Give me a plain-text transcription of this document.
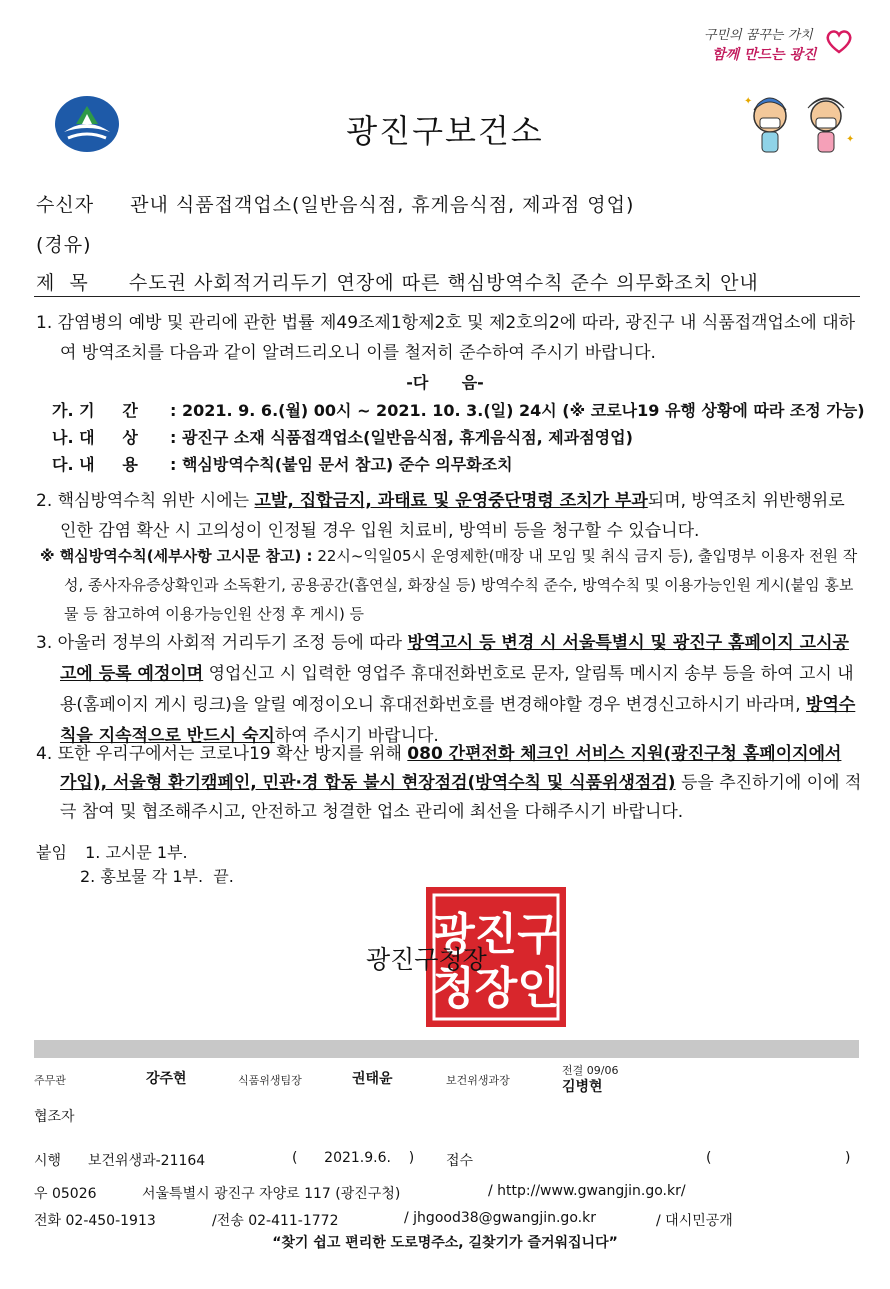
구민의 꿈꾸는 가치
함께 만드는 광진
✦
✦
광진구보건소
수신자 관내 식품접객업소(일반음식점, 휴게음식점, 제과점 영업)
(경유)
제  목 수도권 사회적거리두기 연장에 따른 핵심방역수칙 준수 의무화조치 안내
1. 감염병의 예방 및 관리에 관한 법률 제49조제1항제2호 및 제2호의2에 따라, 광진구 내 식품접객업소에 대하여 방역조치를 다음과 같이 알려드리오니 이를 철저히 준수하여 주시기 바랍니다.
-다      음-
가. 기     간 : 2021. 9. 6.(월) 00시 ~ 2021. 10. 3.(일) 24시 (※ 코로나19 유행 상황에 따라 조정 가능)
나. 대     상 : 광진구 소재 식품접객업소(일반음식점, 휴게음식점, 제과점영업)
다. 내     용 : 핵심방역수칙(붙임 문서 참고) 준수 의무화조치
2. 핵심방역수칙 위반 시에는 고발, 집합금지, 과태료 및 운영중단명령 조치가 부과되며, 방역조치 위반행위로 인한 감염 확산 시 고의성이 인정될 경우 입원 치료비, 방역비 등을 청구할 수 있습니다.
※ 핵심방역수칙(세부사항 고시문 참고) : 22시~익일05시 운영제한(매장 내 모임 및 취식 금지 등), 출입명부 이용자 전원 작성, 종사자유증상확인과 소독환기, 공용공간(흡연실, 화장실 등) 방역수칙 준수, 방역수칙 및 이용가능인원 게시(붙임 홍보물 등 참고하여 이용가능인원 산정 후 게시) 등
3. 아울러 정부의 사회적 거리두기 조정 등에 따라 방역고시 등 변경 시 서울특별시 및 광진구 홈페이지 고시공고에 등록 예정이며 영업신고 시 입력한 영업주 휴대전화번호로 문자, 알림톡 메시지 송부 등을 하여 고시 내용(홈페이지 게시 링크)을 알릴 예정이오니 휴대전화번호를 변경해야할 경우 변경신고하시기 바라며, 방역수칙을 지속적으로 반드시 숙지하여 주시기 바랍니다.
4. 또한 우리구에서는 코로나19 확산 방지를 위해 080 간편전화 체크인 서비스 지원(광진구청 홈페이지에서 가입), 서울형 환기캠페인, 민관·경 합동 불시 현장점검(방역수칙 및 식품위생점검) 등을 추진하기에 이에 적극 참여 및 협조해주시고, 안전하고 청결한 업소 관리에 최선을 다해주시기 바랍니다.
붙임 1. 고시문 1부.
2. 홍보물 각 1부.  끝.
광진구
청장인
광진구청장
주무관	강주현	식품위생팀장	권태윤	보건위생과장
전결 09/06
김병현
협조자
시행 보건위생과-21164	(      2021.9.6.    ) 접수	(                              )
우 05026	서울특별시 광진구 자양로 117 (광진구청)	/ http://www.gwangjin.go.kr/
전화 02-450-1913	/전송 02-411-1772	/ jhgood38@gwangjin.go.kr	/ 대시민공개
“찾기 쉽고 편리한 도로명주소, 길찾기가 즐거워집니다”
